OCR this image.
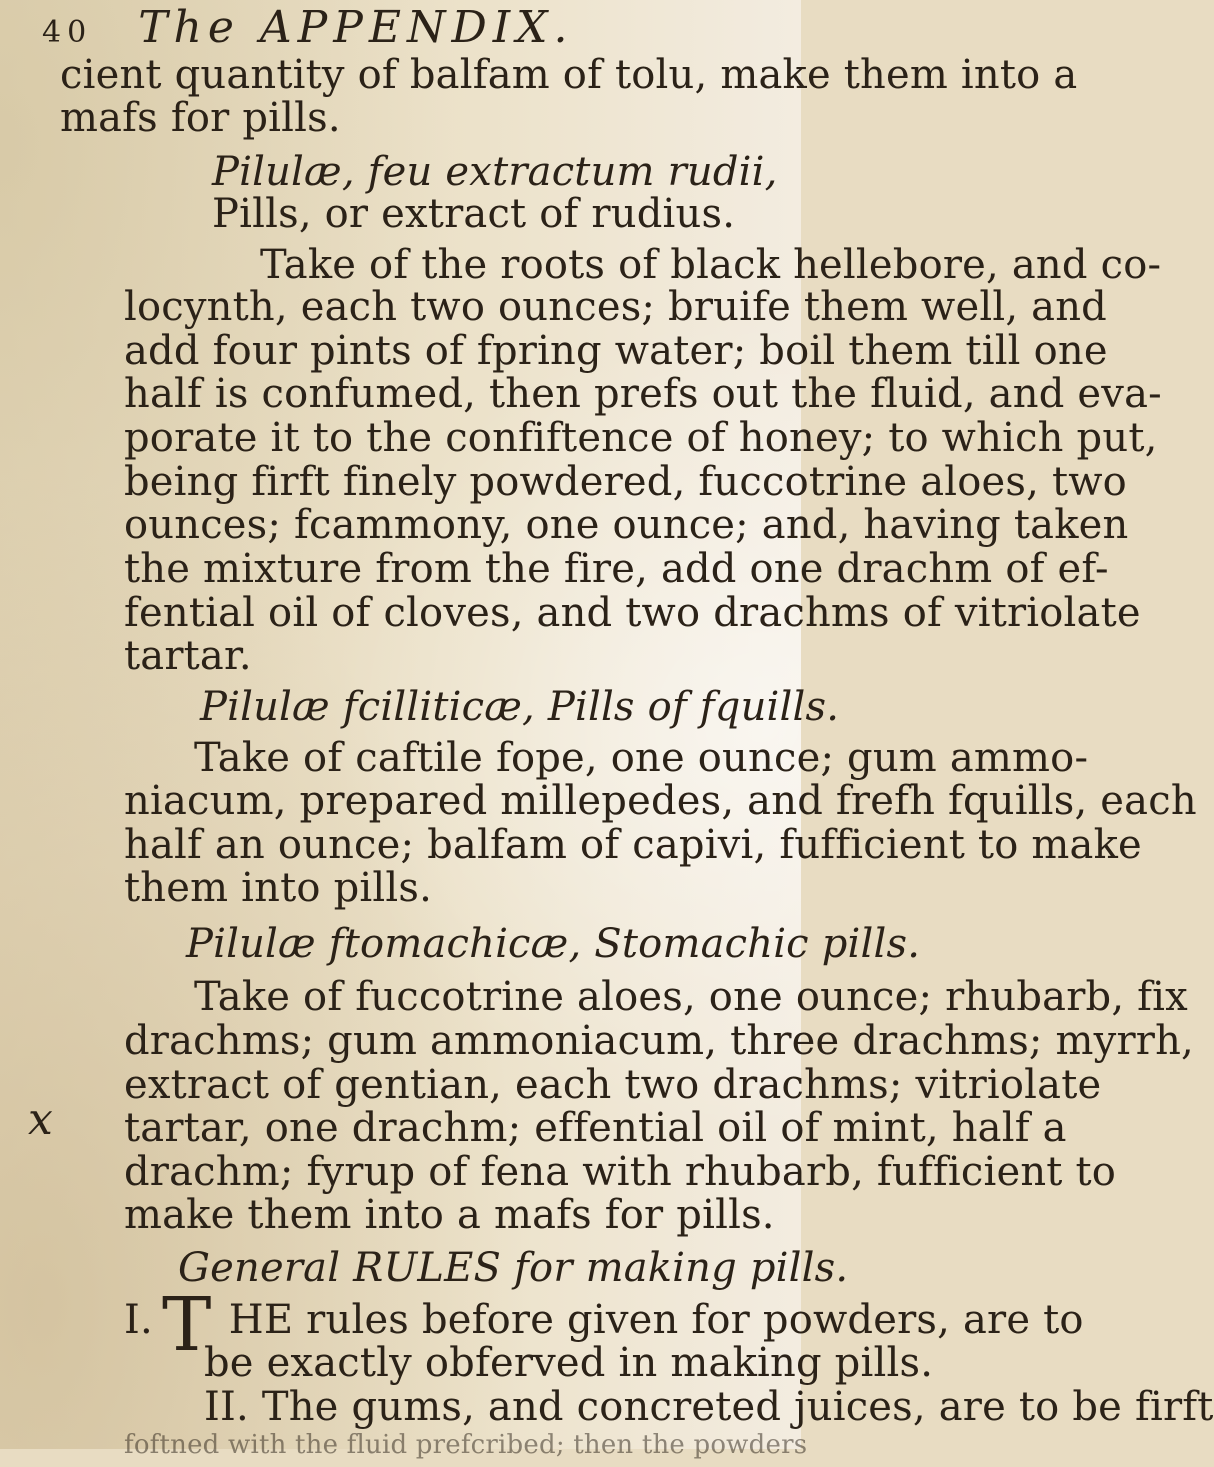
40 The APPENDIX.
cient quantity of balfam of tolu, make them into a
mafs for pills.
Pilulæ, feu extractum rudii,
Pills, or extract of rudius.
Take of the roots of black hellebore, and co-
locynth, each two ounces; bruife them well, and
add four pints of fpring water; boil them till one
half is confumed, then prefs out the fluid, and eva-
porate it to the confiftence of honey; to which put,
being firft finely powdered, fuccotrine aloes, two
ounces; fcammony, one ounce; and, having taken
the mixture from the fire, add one drachm of ef-
fential oil of cloves, and two drachms of vitriolate
tartar.
Pilulæ fcilliticæ, Pills of fquills.
Take of caftile fope, one ounce; gum ammo-
niacum, prepared millepedes, and frefh fquills, each
half an ounce; balfam of capivi, fufficient to make
them into pills.
Pilulæ ftomachicæ, Stomachic pills.
Take of fuccotrine aloes, one ounce; rhubarb, fix
drachms; gum ammoniacum, three drachms; myrrh,
extract of gentian, each two drachms; vitriolate
tartar, one drachm; effential oil of mint, half a
drachm; fyrup of fena with rhubarb, fufficient to
make them into a mafs for pills.
x
General RULES for making pills.
I. HE rules before given for powders, are to
T
be exactly obferved in making pills.
II. The gums, and concreted juices, are to be firft
foftned with the fluid prefcribed; then the powders
